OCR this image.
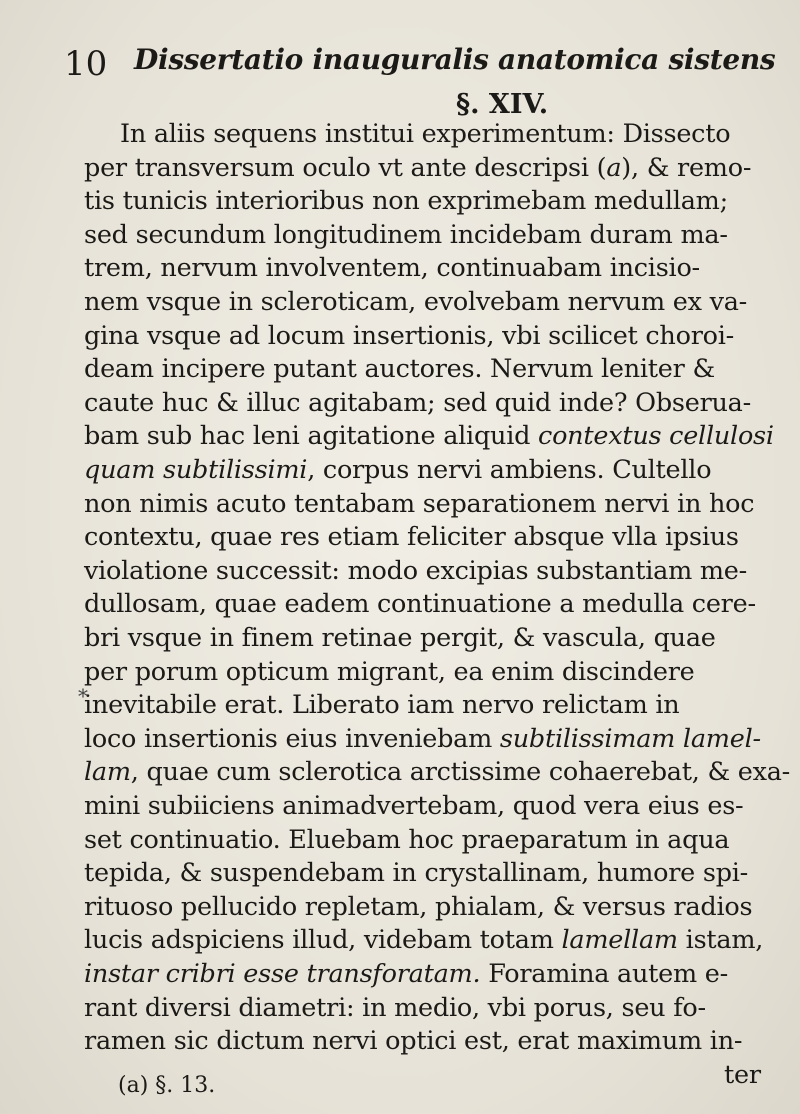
10 Dissertatio inauguralis anatomica sistens
§. XIV.
In aliis sequens institui experimentum: Dissecto
per transversum oculo vt ante descripsi (a), & remo-
tis tunicis interioribus non exprimebam medullam;
sed secundum longitudinem incidebam duram ma-
trem, nervum involventem, continuabam incisio-
nem vsque in scleroticam, evolvebam nervum ex va-
gina vsque ad locum insertionis, vbi scilicet choroi-
deam incipere putant auctores. Nervum leniter &
caute huc & illuc agitabam; sed quid inde? Obserua-
bam sub hac leni agitatione aliquid contextus cellulosi
quam subtilissimi, corpus nervi ambiens. Cultello
non nimis acuto tentabam separationem nervi in hoc
contextu, quae res etiam feliciter absque vlla ipsius
violatione successit: modo excipias substantiam me-
dullosam, quae eadem continuatione a medulla cere-
bri vsque in finem retinae pergit, & vascula, quae
per porum opticum migrant, ea enim discindere
inevitabile erat. Liberato iam nervo relictam in
loco insertionis eius inveniebam subtilissimam lamel-
lam, quae cum sclerotica arctissime cohaerebat, & exa-
mini subiiciens animadvertebam, quod vera eius es-
set continuatio. Eluebam hoc praeparatum in aqua
tepida, & suspendebam in crystallinam, humore spi-
rituoso pellucido repletam, phialam, & versus radios
lucis adspiciens illud, videbam totam lamellam istam,
instar cribri esse transforatam. Foramina autem e-
rant diversi diametri: in medio, vbi porus, seu fo-
ramen sic dictum nervi optici est, erat maximum in-
ter
*
(a) §. 13.
